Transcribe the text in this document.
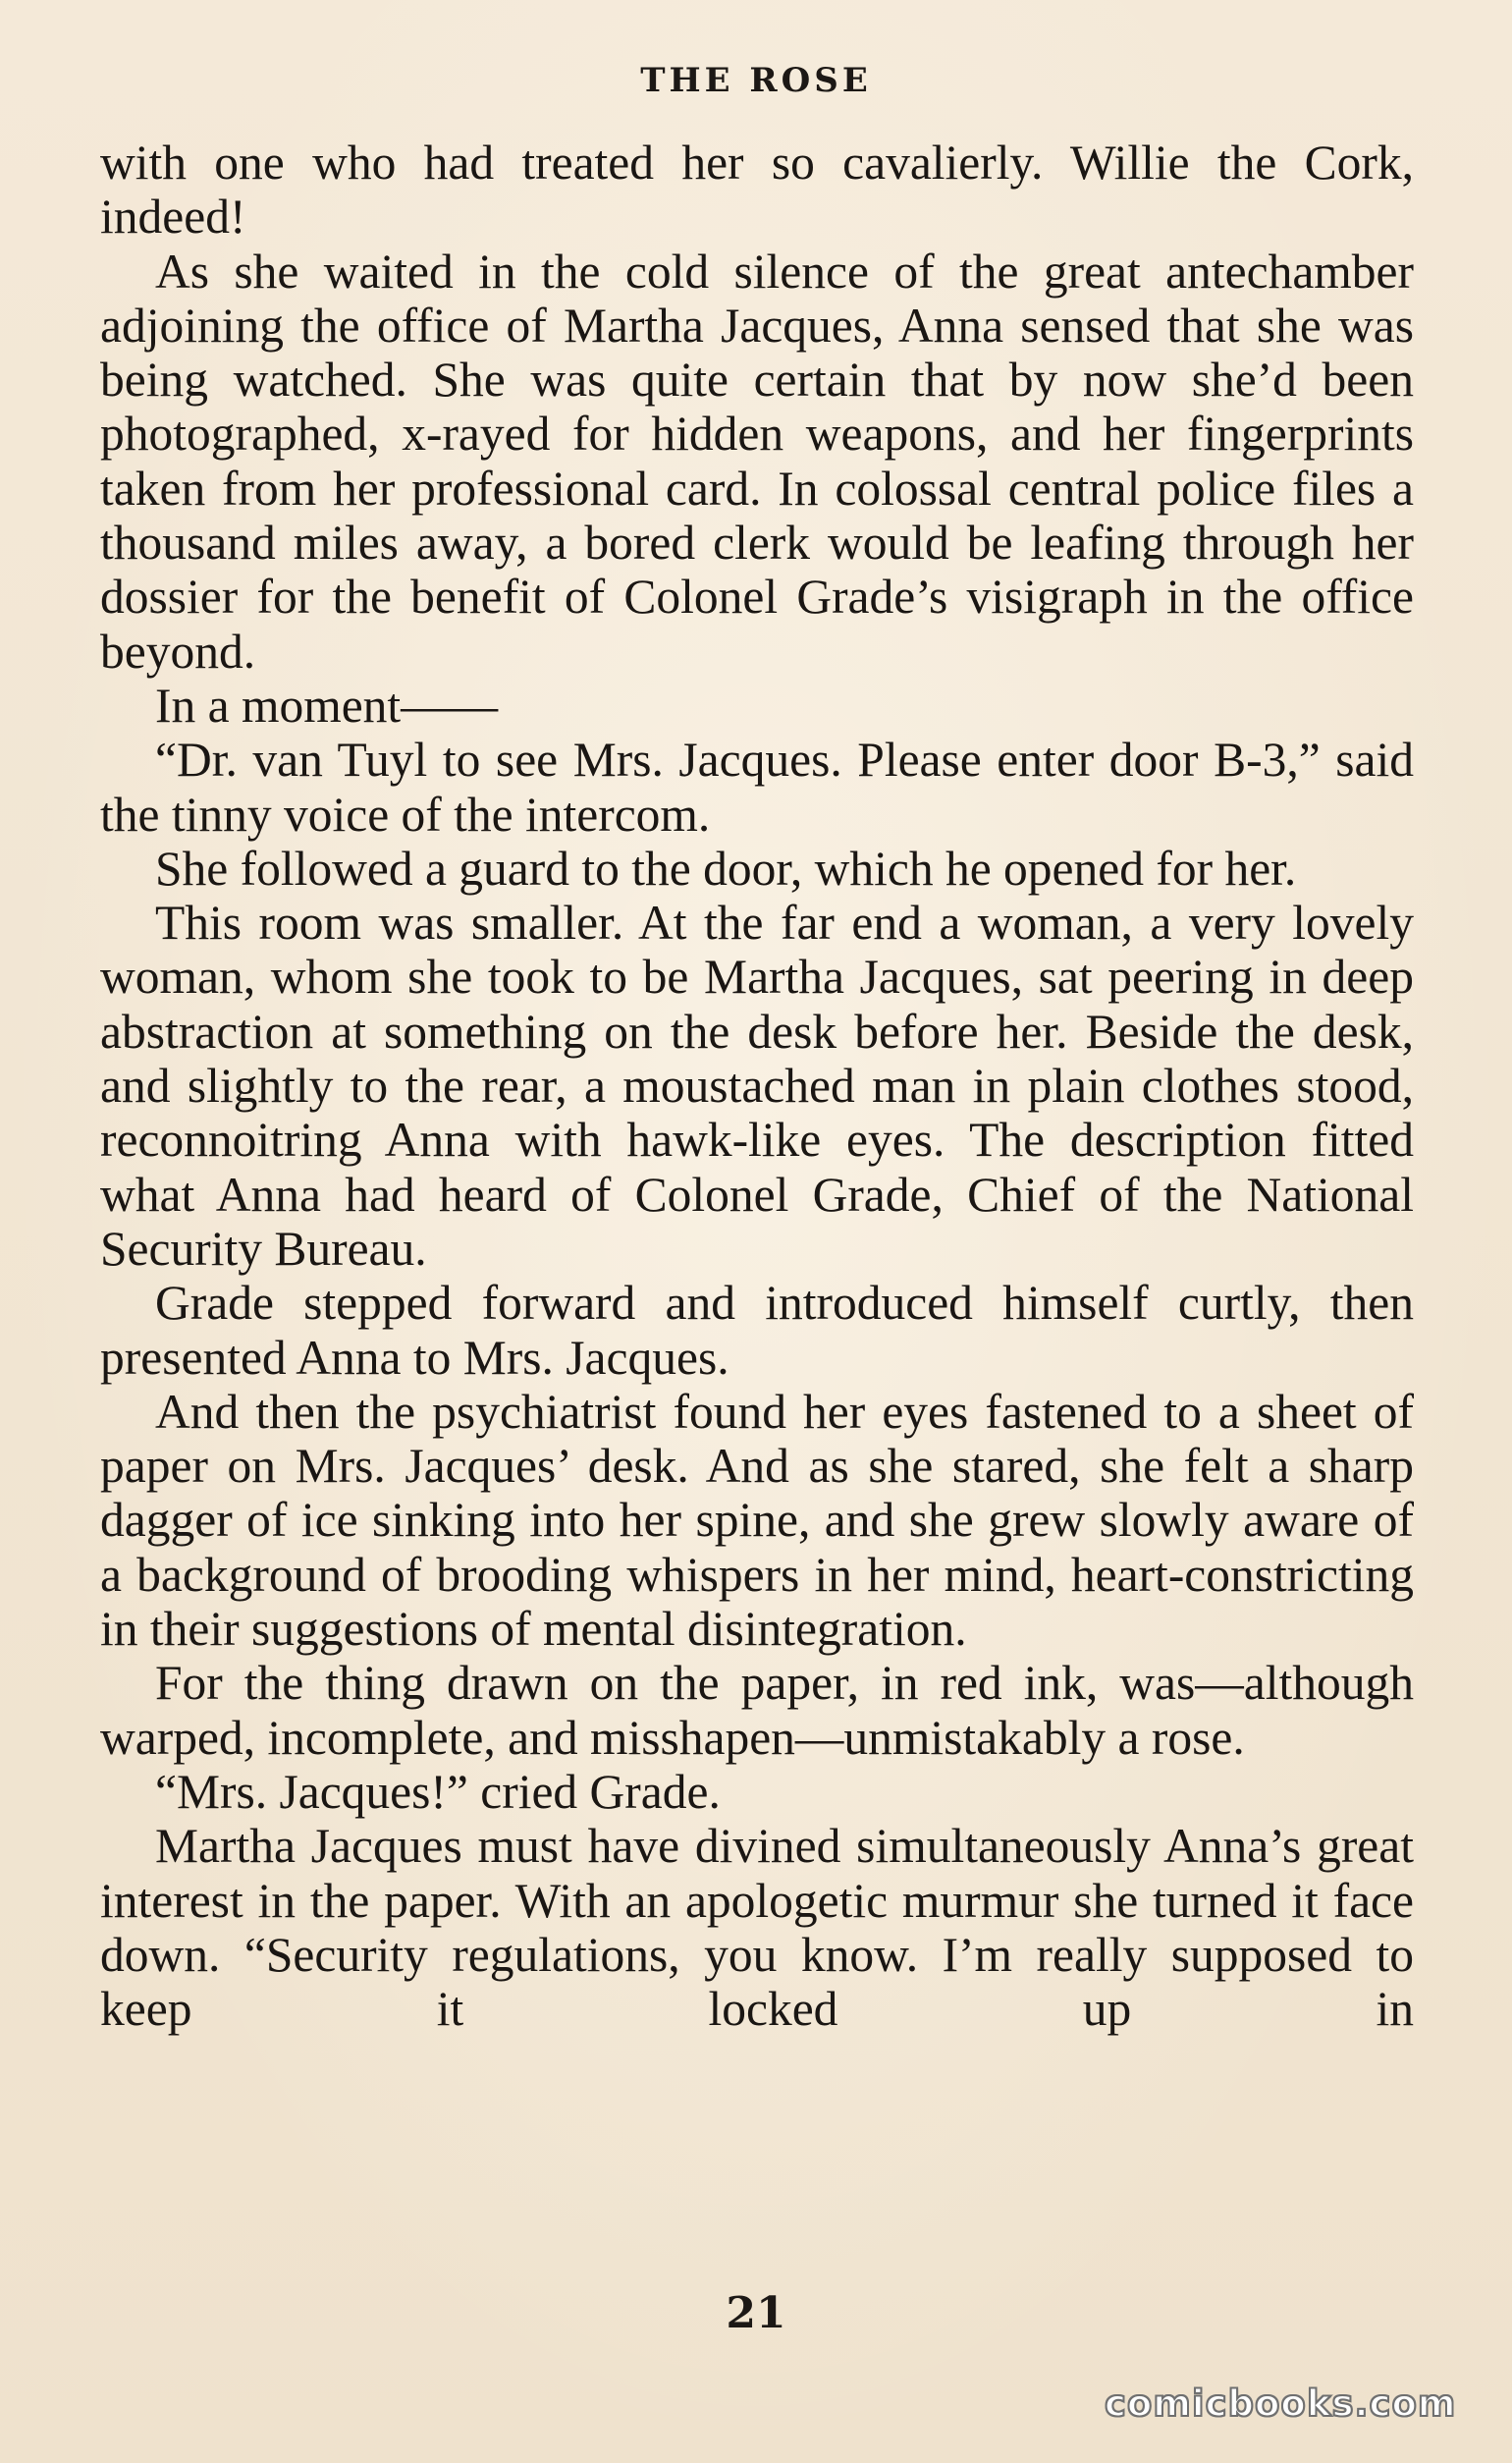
THE ROSE

with one who had treated her so cavalierly. Willie the Cork, indeed!

As she waited in the cold silence of the great antechamber adjoining the office of Martha Jacques, Anna sensed that she was being watched. She was quite certain that by now she’d been photographed, x-rayed for hidden weapons, and her fingerprints taken from her professional card. In colossal central police files a thousand miles away, a bored clerk would be leafing through her dossier for the benefit of Colonel Grade’s visigraph in the office beyond.

In a moment——

“Dr. van Tuyl to see Mrs. Jacques. Please enter door B-3,” said the tinny voice of the intercom.

She followed a guard to the door, which he opened for her.

This room was smaller. At the far end a woman, a very lovely woman, whom she took to be Martha Jacques, sat peering in deep abstraction at something on the desk before her. Beside the desk, and slightly to the rear, a moustached man in plain clothes stood, reconnoitring Anna with hawk-like eyes. The description fitted what Anna had heard of Colonel Grade, Chief of the National Security Bureau.

Grade stepped forward and introduced himself curtly, then presented Anna to Mrs. Jacques.

And then the psychiatrist found her eyes fastened to a sheet of paper on Mrs. Jacques’ desk. And as she stared, she felt a sharp dagger of ice sinking into her spine, and she grew slowly aware of a background of brooding whispers in her mind, heart-constricting in their suggestions of mental disintegration.

For the thing drawn on the paper, in red ink, was—although warped, incomplete, and misshapen—unmistakably a rose.

“Mrs. Jacques!” cried Grade.

Martha Jacques must have divined simultaneously Anna’s great interest in the paper. With an apologetic murmur she turned it face down. “Security regulations, you know. I’m really supposed to keep it locked up in

21
comicbooks.com
